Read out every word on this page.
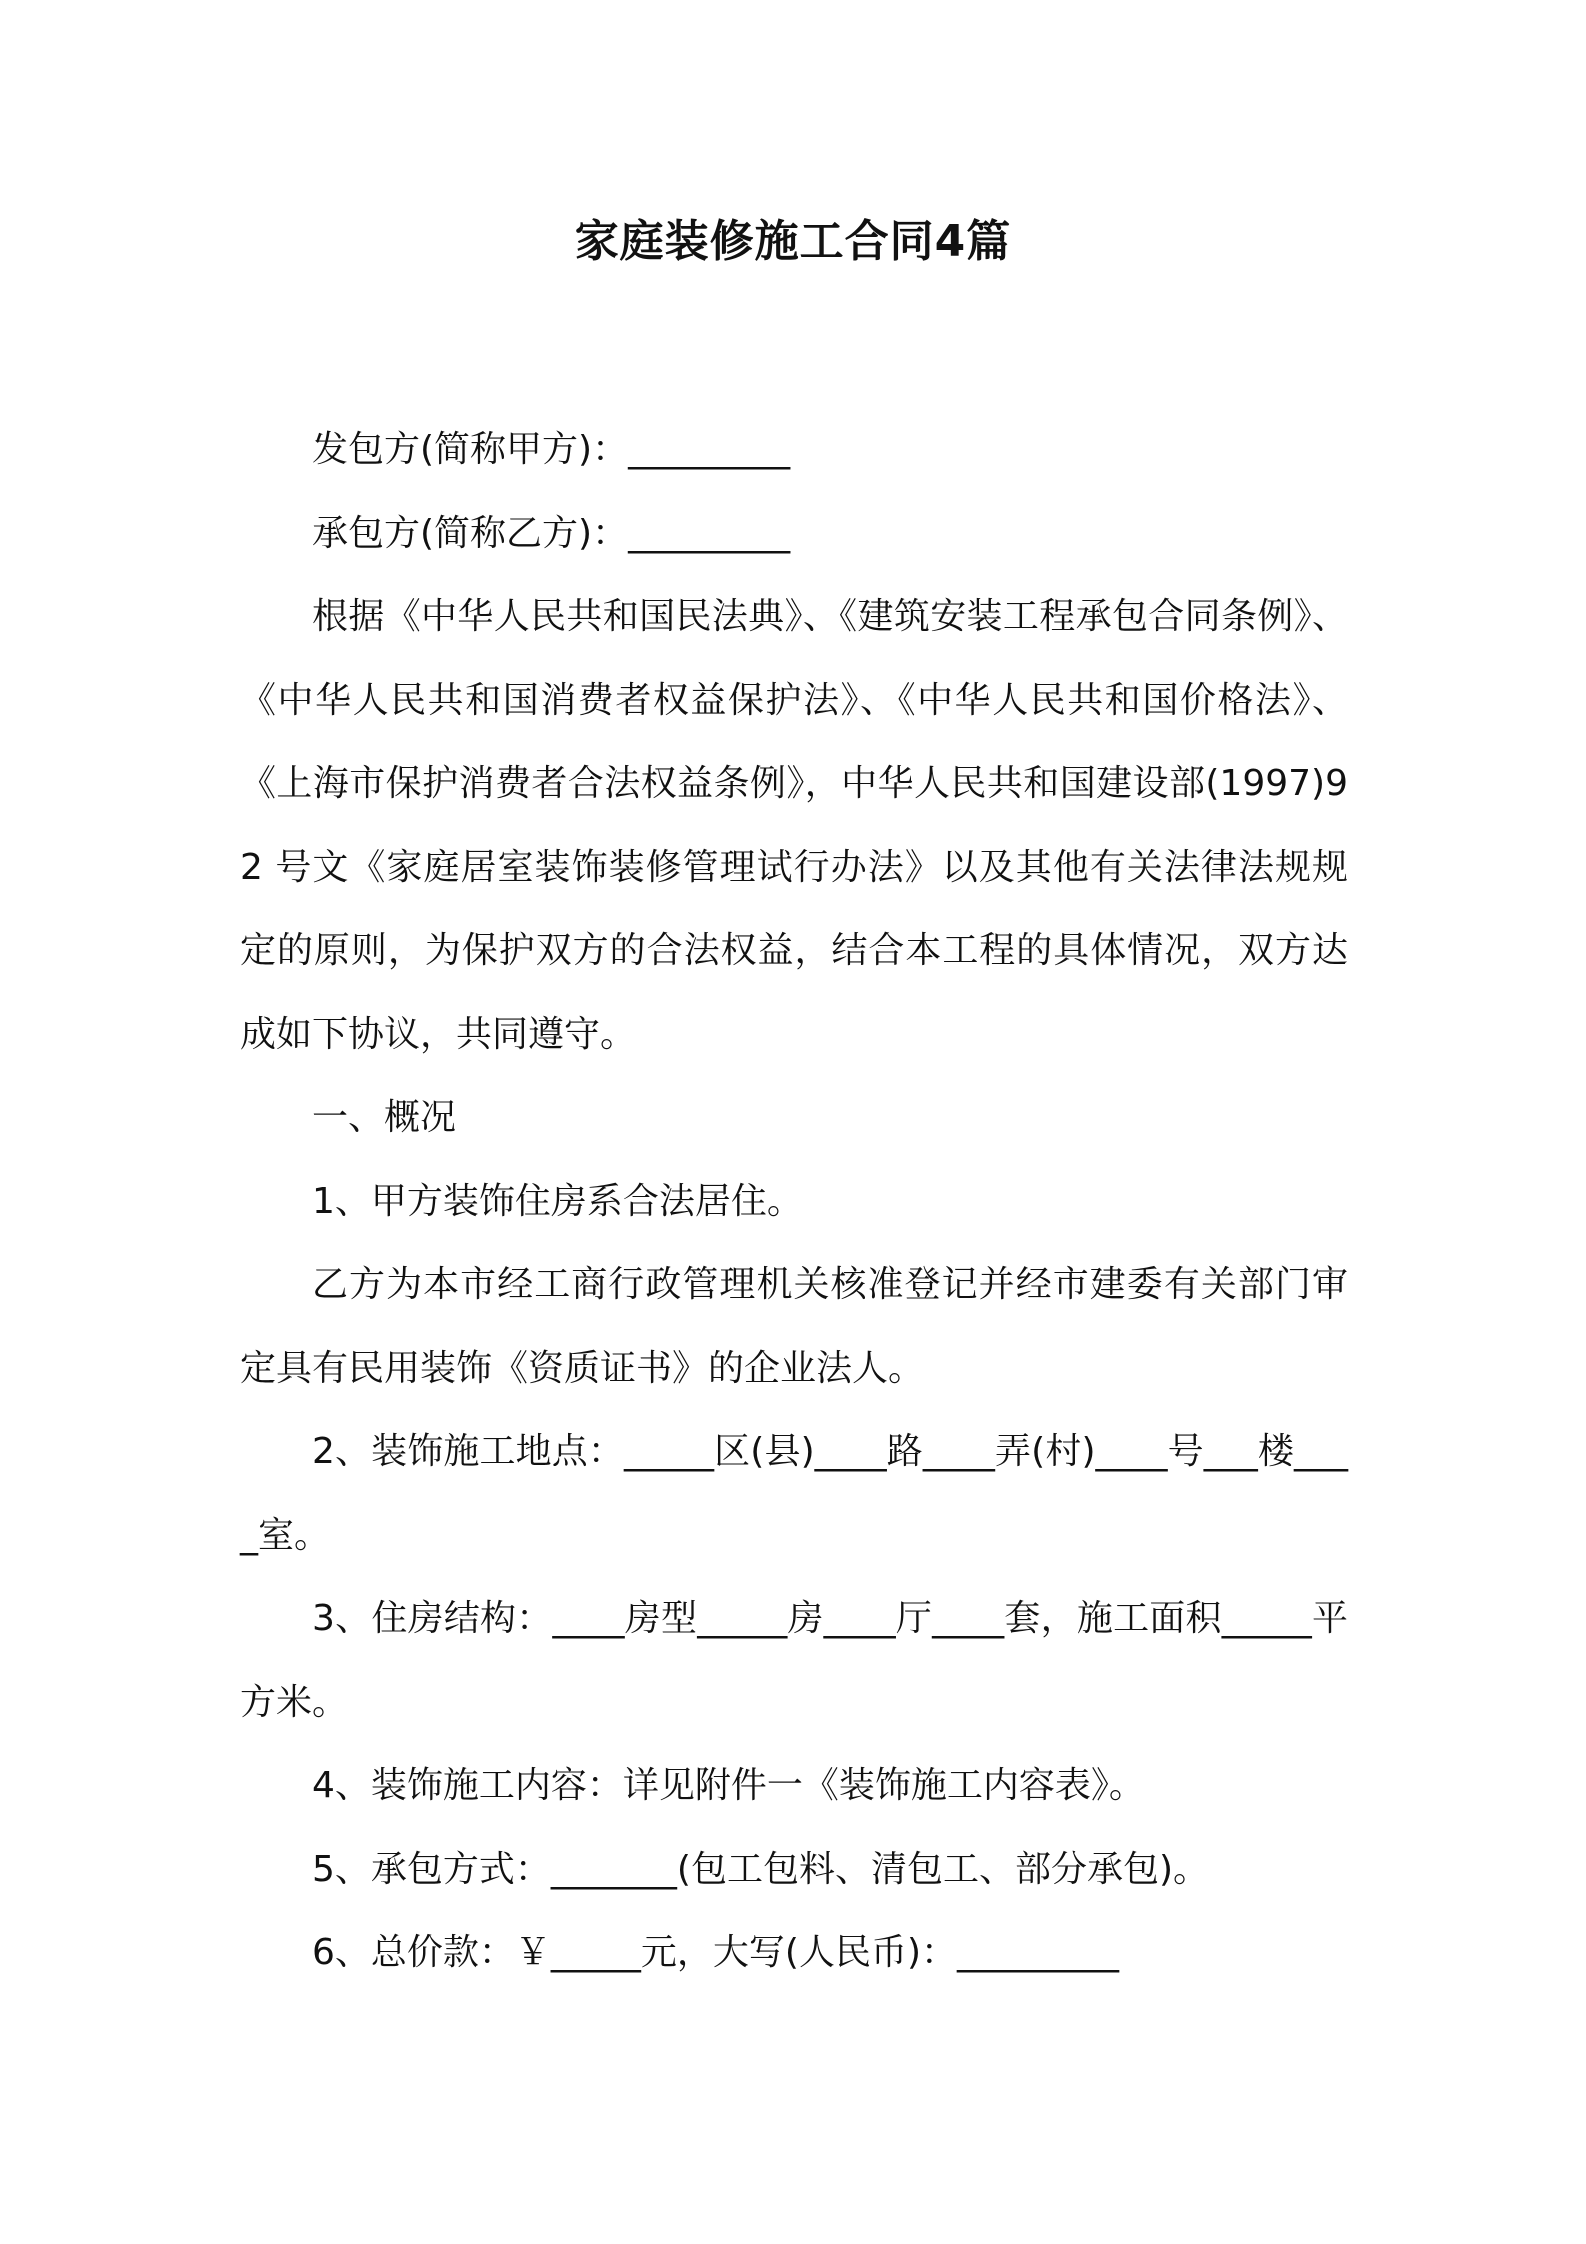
家庭装修施工合同4篇

发包方(简称甲方)：_________

承包方(简称乙方)：_________

根据《中华人民共和国民法典》、《建筑安装工程承包合同条例》、《中华人民共和国消费者权益保护法》、《中华人民共和国价格法》、《上海市保护消费者合法权益条例》，中华人民共和国建设部(1997)92 号文《家庭居室装饰装修管理试行办法》以及其他有关法律法规规定的原则，为保护双方的合法权益，结合本工程的具体情况，双方达成如下协议，共同遵守。

一、概况

1、甲方装饰住房系合法居住。

乙方为本市经工商行政管理机关核准登记并经市建委有关部门审定具有民用装饰《资质证书》的企业法人。

2、装饰施工地点：_____区(县)____路____弄(村)____号___楼____室。

3、住房结构：____房型_____房____厅____套，施工面积_____平方米。

4、装饰施工内容：详见附件一《装饰施工内容表》。

5、承包方式：_______(包工包料、清包工、部分承包)。

6、总价款：￥_____元，大写(人民币)：_________
